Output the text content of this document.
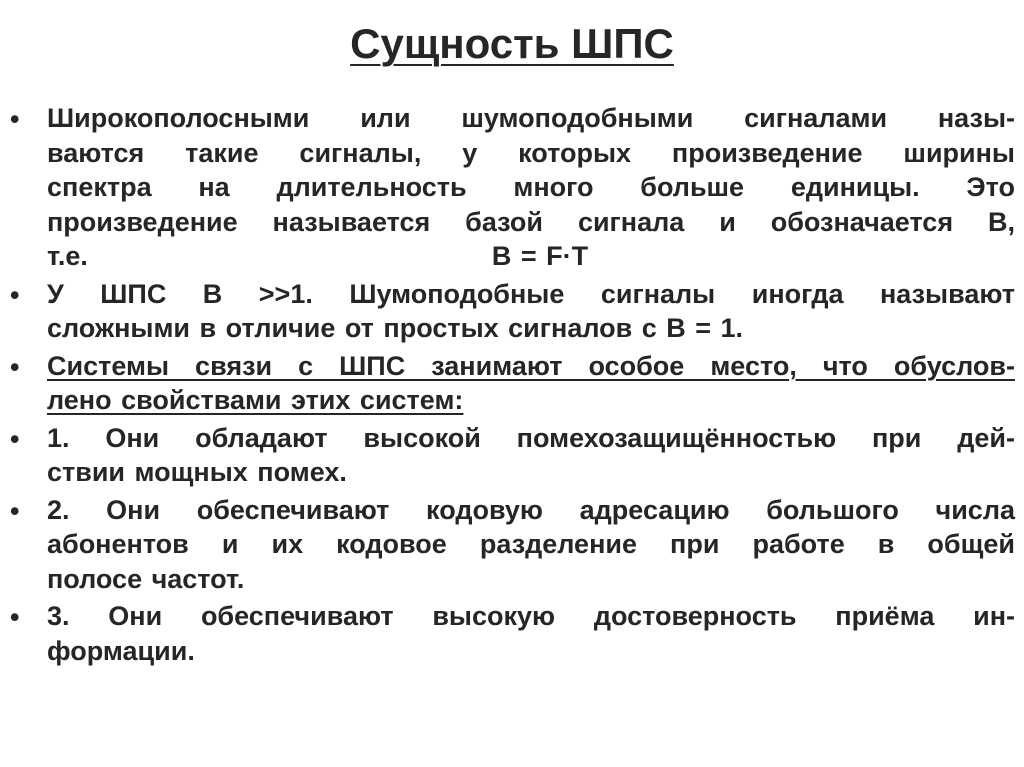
Сущность ШПС
• Широкополосными или шумоподобными сигналами назы-
ваются такие сигналы, у которых произведение ширины
спектра на длительность много больше единицы. Это
произведение называется базой сигнала и обозначается В,
т.е.	B = F·T
• У ШПС В >>1. Шумоподобные сигналы иногда называют
сложными в отличие от простых сигналов с В = 1.
• Системы связи с ШПС занимают особое место, что обуслов-
лено свойствами этих систем:
• 1. Они обладают высокой помехозащищённостью при дей-
ствии мощных помех.
• 2. Они обеспечивают кодовую адресацию большого числа
абонентов и их кодовое разделение при работе в общей
полосе частот.
• 3. Они обеспечивают высокую достоверность приёма ин-
формации.
